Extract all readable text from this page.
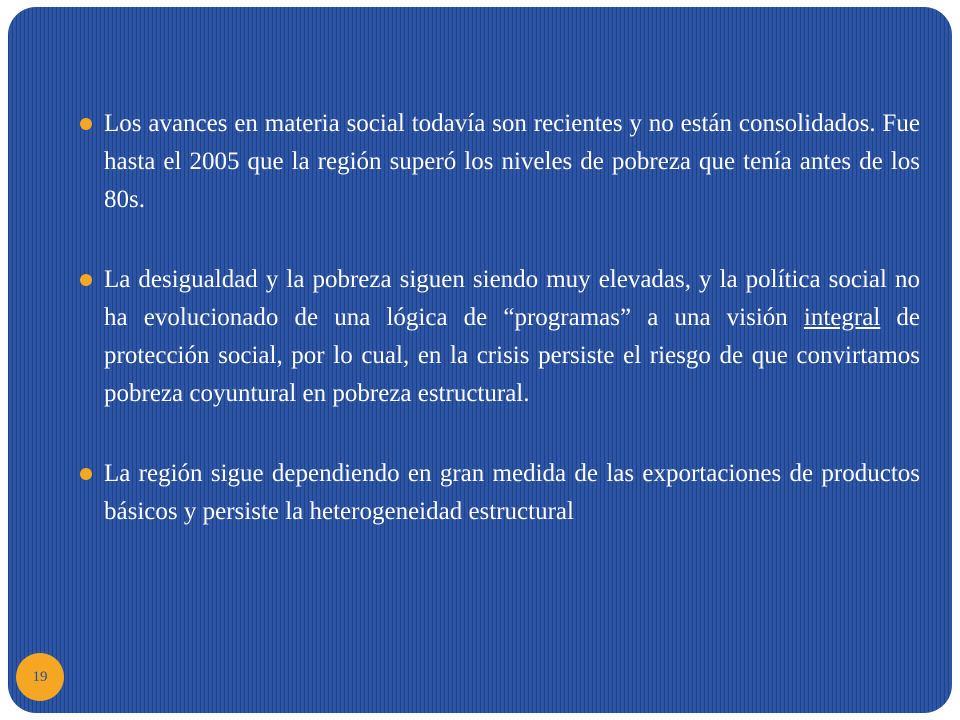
Los avances en materia social todavía son recientes y no están consolidados. Fue hasta el 2005 que la región superó los niveles de pobreza que tenía antes de los 80s.
La desigualdad y la pobreza siguen siendo muy elevadas, y la política social no ha evolucionado de una lógica de “programas” a una visión integral de protección social, por lo cual, en la crisis persiste el riesgo de que convirtamos pobreza coyuntural en pobreza estructural.
La región sigue dependiendo en gran medida de las exportaciones de productos básicos y persiste la heterogeneidad estructural
19
